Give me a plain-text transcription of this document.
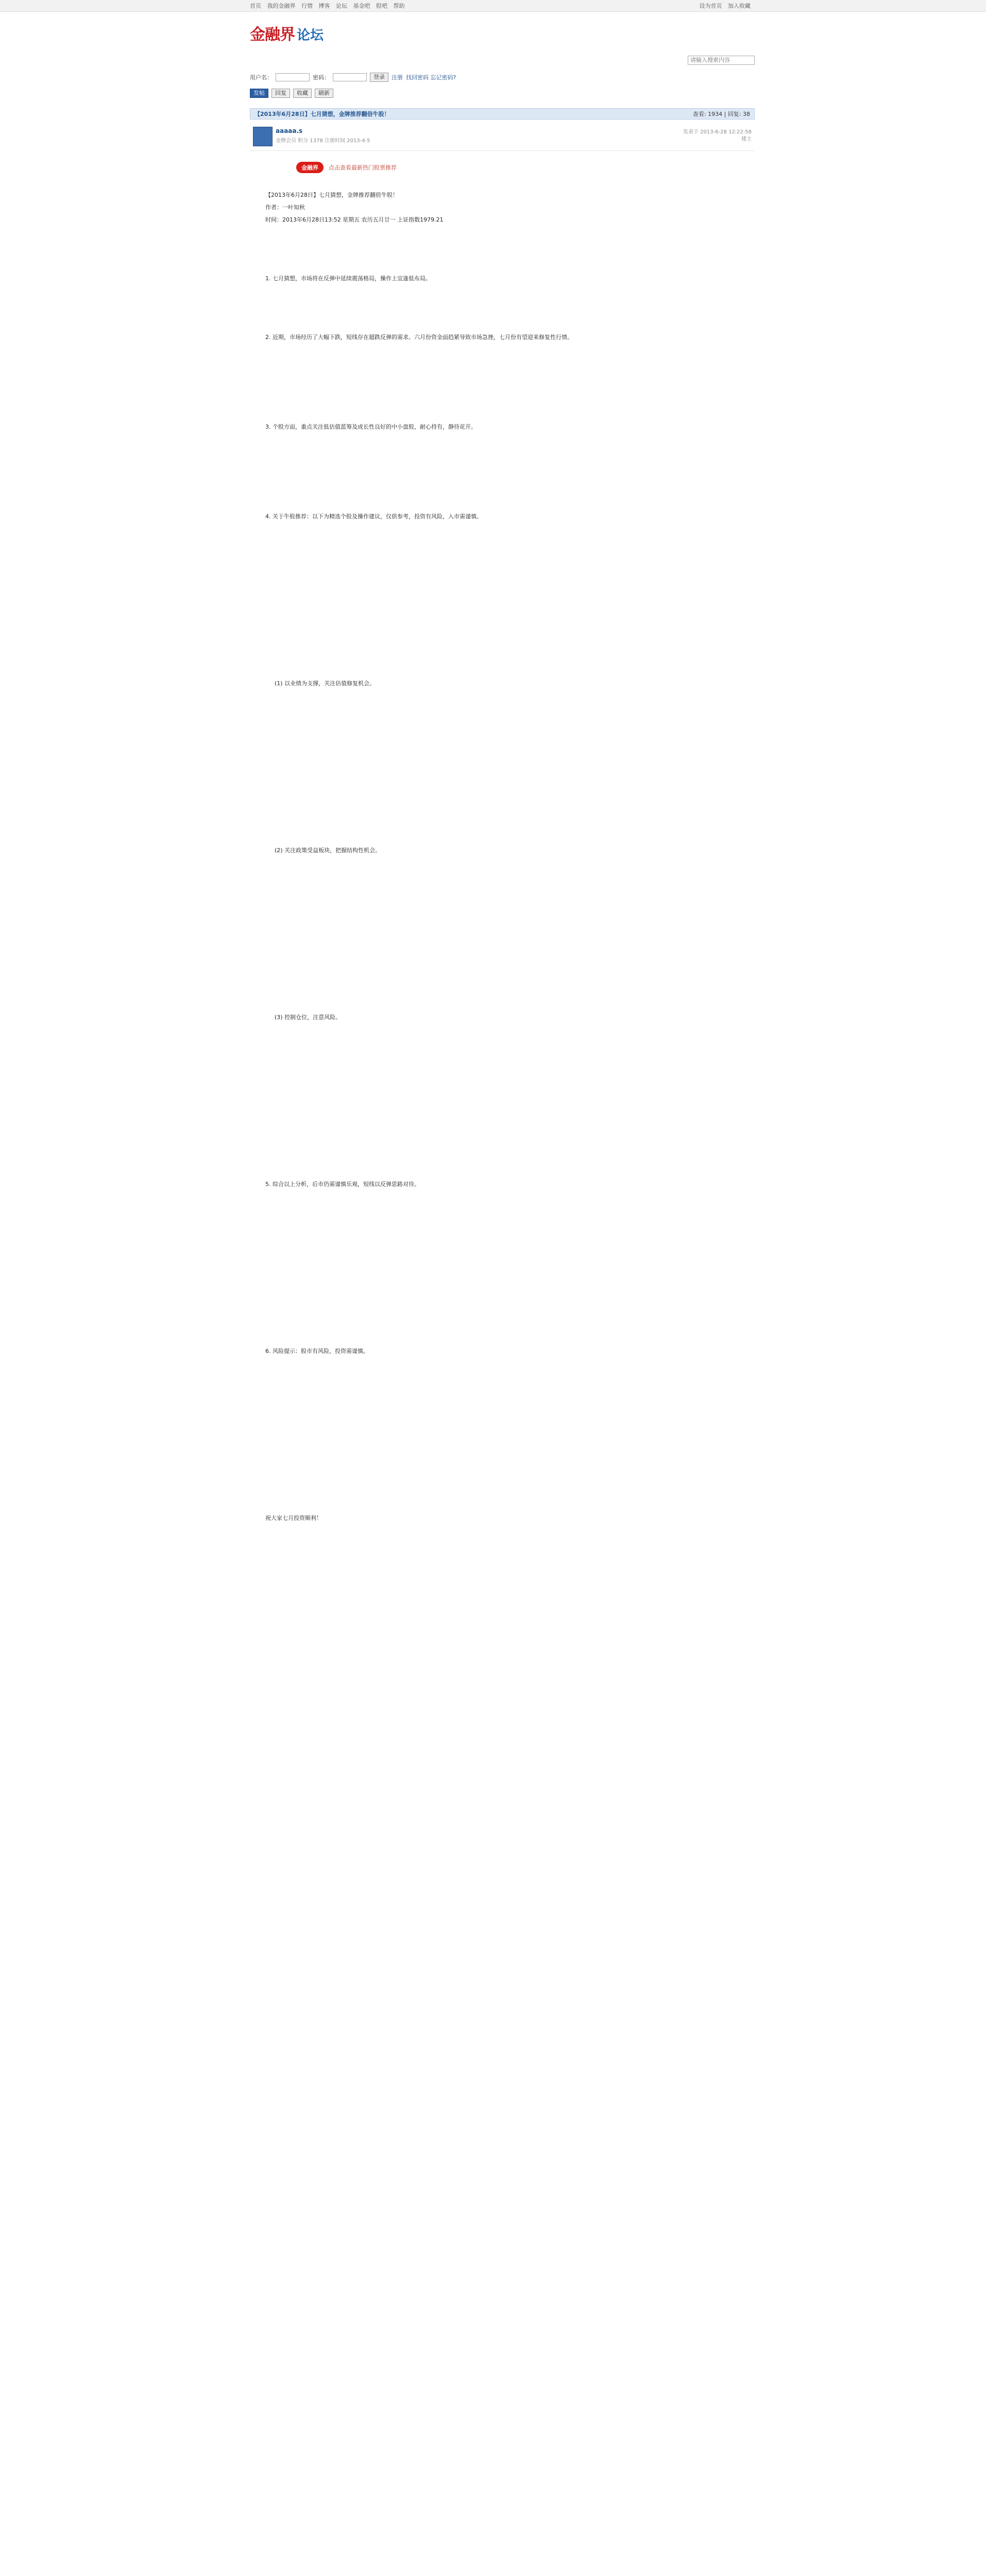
首页 我的金融界 行情 博客 论坛 基金吧 股吧 帮助	设为首页 加入收藏
金融界 论坛
请输入搜索内容
用户名：	密码：	登录	注册 找回密码 忘记密码?
发帖	回复	收藏	刷新
【2013年6月28日】七月猜想，金牌推荐翻倍牛股！	查看: 1934 | 回复: 38
aaaaa.s
金牌会员 积分 1378 注册时间 2013-4-5
发表于 2013-6-28 12:22:58
楼主
金融界	点击查看最新热门股票推荐

【2013年6月28日】七月猜想，金牌推荐翻倍牛股！

作者：一叶知秋

时间：2013年6月28日13:52 星期五 农历五月廿一 上证指数1979.21

1. 七月猜想，市场将在反弹中延续震荡格局，操作上宜逢低布局。

2. 近期，市场经历了大幅下跌，短线存在超跌反弹的需求。六月份资金面趋紧导致市场急挫，七月份有望迎来修复性行情。

3. 个股方面，重点关注低估值蓝筹及成长性良好的中小盘股，耐心持有，静待花开。

4. 关于牛股推荐：以下为精选个股及操作建议，仅供参考，投资有风险，入市需谨慎。

(1) 以业绩为支撑，关注估值修复机会。

(2) 关注政策受益板块，把握结构性机会。

(3) 控制仓位，注意风险。

5. 综合以上分析，后市仍需谨慎乐观，短线以反弹思路对待。

6. 风险提示：股市有风险，投资需谨慎。

祝大家七月投资顺利！
